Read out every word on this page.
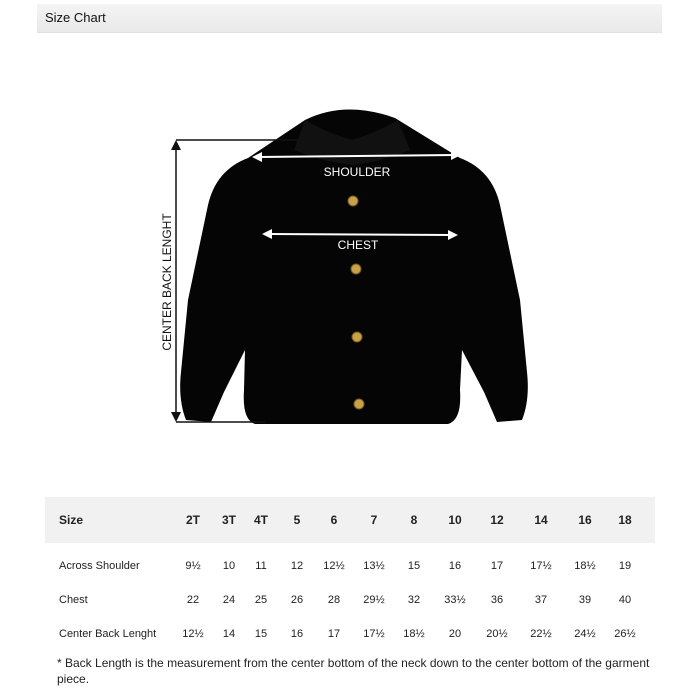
Size Chart
SHOULDER
CHEST
CENTER BACK LENGHT
Size	2T	3T	4T	5	6	7	8	10	12	14	16	18
Across Shoulder	9½	10	11	12	12½	13½	15	16	17	17½	18½	19
Chest	22	24	25	26	28	29½	32	33½	36	37	39	40
Center Back Lenght	12½	14	15	16	17	17½	18½	20	20½	22½	24½	26½
* Back Length is the measurement from the center bottom of the neck down to the center bottom of the garment piece.
